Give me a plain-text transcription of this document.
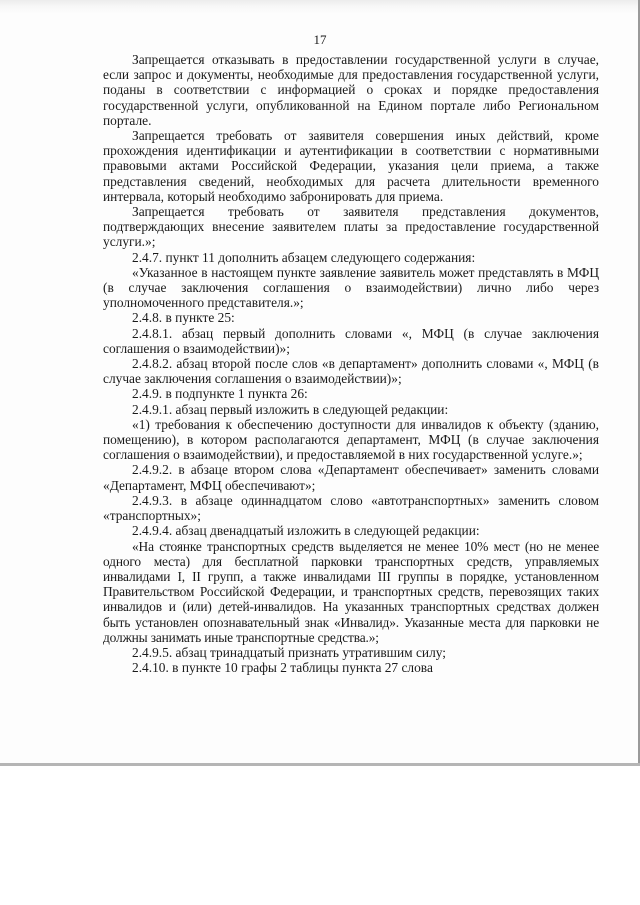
17

Запрещается отказывать в предоставлении государственной услуги в случае, если запрос и документы, необходимые для предоставления государственной услуги, поданы в соответствии с информацией о сроках и порядке предоставления государственной услуги, опубликованной на Едином портале либо Региональном портале.

Запрещается требовать от заявителя совершения иных действий, кроме прохождения идентификации и аутентификации в соответствии с нормативными правовыми актами Российской Федерации, указания цели приема, а также представления сведений, необходимых для расчета длительности временного интервала, который необходимо забронировать для приема.

Запрещается требовать от заявителя представления документов, подтверждающих внесение заявителем платы за предоставление государственной услуги.»;

2.4.7. пункт 11 дополнить абзацем следующего содержания:

«Указанное в настоящем пункте заявление заявитель может представлять в МФЦ (в случае заключения соглашения о взаимодействии) лично либо через уполномоченного представителя.»;

2.4.8. в пункте 25:

2.4.8.1. абзац первый дополнить словами «, МФЦ (в случае заключения соглашения о взаимодействии)»;

2.4.8.2. абзац второй после слов «в департамент» дополнить словами «, МФЦ (в случае заключения соглашения о взаимодействии)»;

2.4.9. в подпункте 1 пункта 26:

2.4.9.1. абзац первый изложить в следующей редакции:

«1) требования к обеспечению доступности для инвалидов к объекту (зданию, помещению), в котором располагаются департамент, МФЦ (в случае заключения соглашения о взаимодействии), и предоставляемой в них государственной услуге.»;

2.4.9.2. в абзаце втором слова «Департамент обеспечивает» заменить словами «Департамент, МФЦ обеспечивают»;

2.4.9.3. в абзаце одиннадцатом слово «автотранспортных» заменить словом «транспортных»;

2.4.9.4. абзац двенадцатый изложить в следующей редакции:

«На стоянке транспортных средств выделяется не менее 10% мест (но не менее одного места) для бесплатной парковки транспортных средств, управляемых инвалидами I, II групп, а также инвалидами III группы в порядке, установленном Правительством Российской Федерации, и транспортных средств, перевозящих таких инвалидов и (или) детей-инвалидов. На указанных транспортных средствах должен быть установлен опознавательный знак «Инвалид». Указанные места для парковки не должны занимать иные транспортные средства.»;

2.4.9.5. абзац тринадцатый признать утратившим силу;

2.4.10. в пункте 10 графы 2 таблицы пункта 27 слова
